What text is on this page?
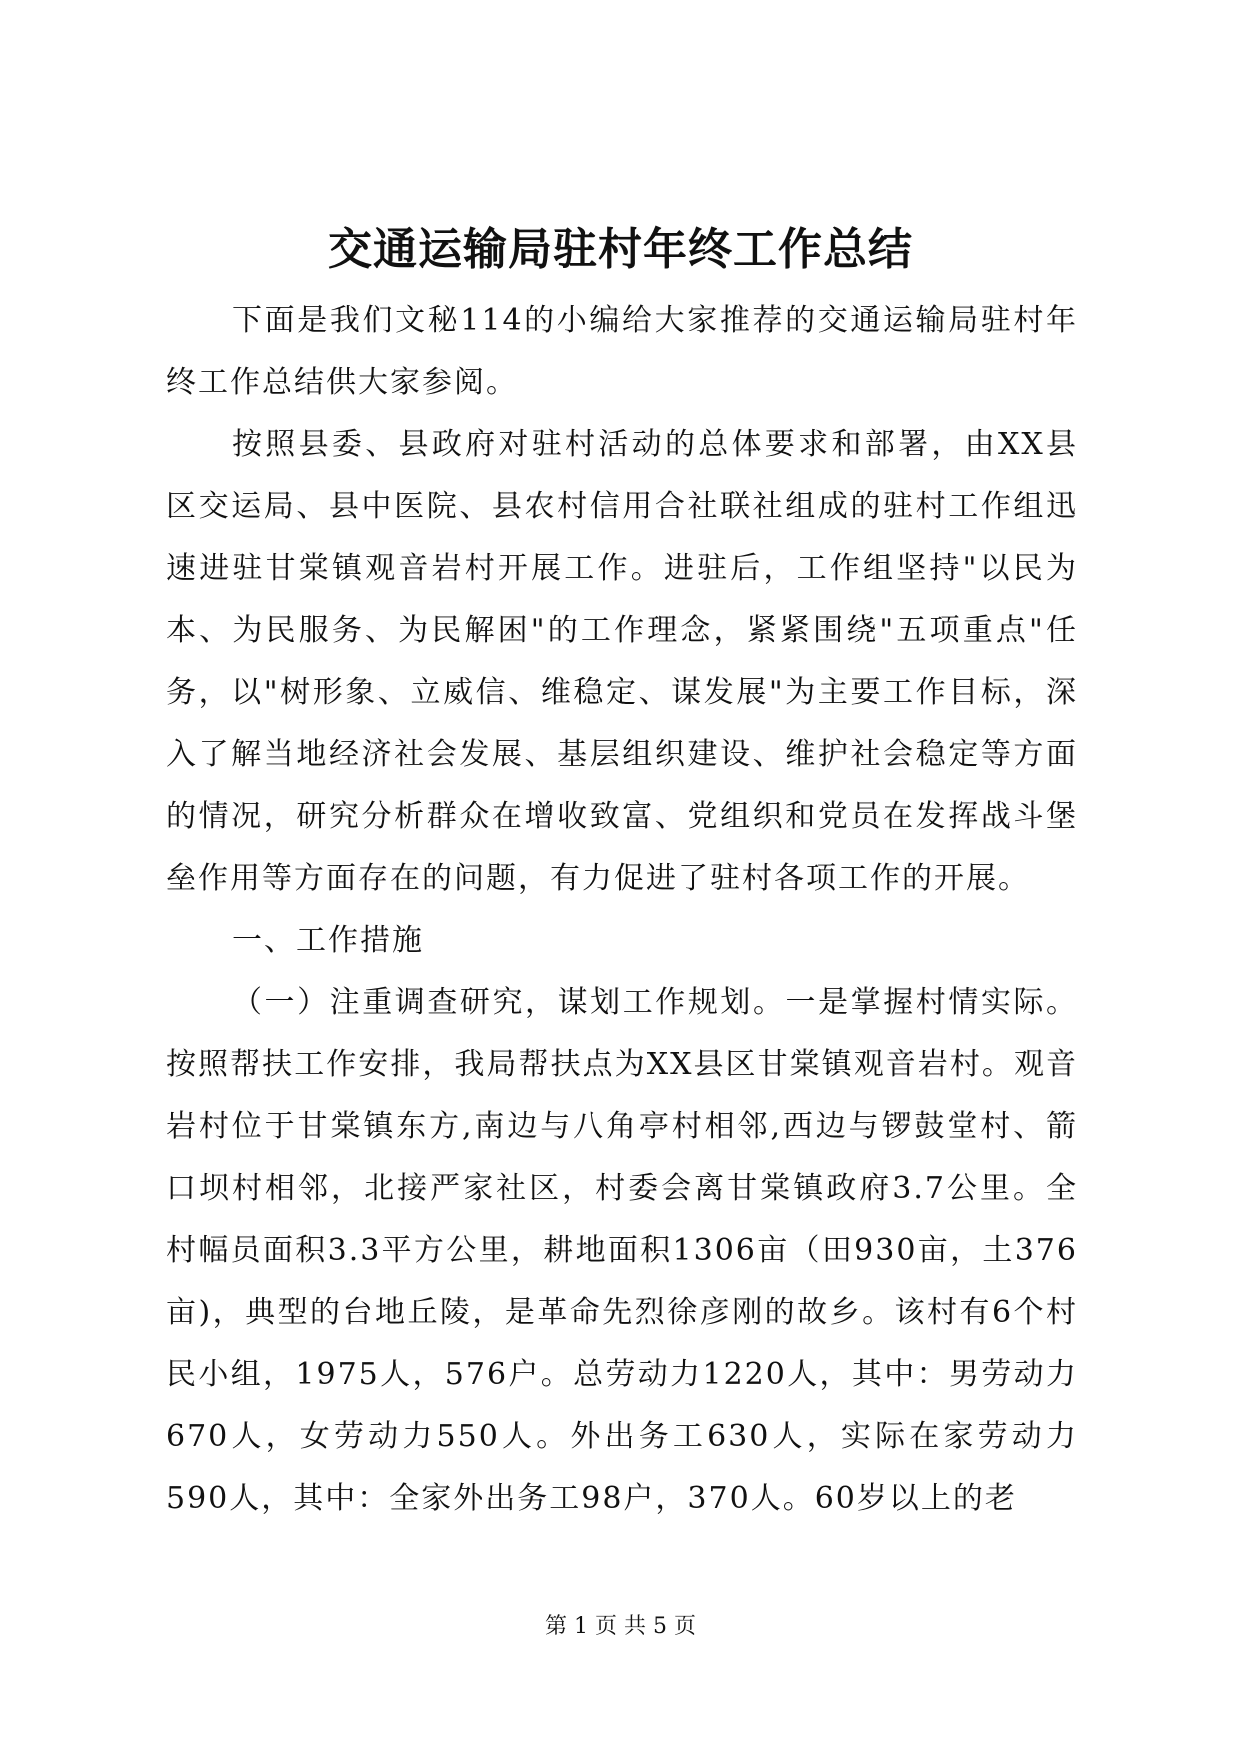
交通运输局驻村年终工作总结

下面是我们文秘114的小编给大家推荐的交通运输局驻村年终工作总结供大家参阅。

按照县委、县政府对驻村活动的总体要求和部署，由XX县区交运局、县中医院、县农村信用合社联社组成的驻村工作组迅速进驻甘棠镇观音岩村开展工作。进驻后，工作组坚持"以民为本、为民服务、为民解困"的工作理念，紧紧围绕"五项重点"任务，以"树形象、立威信、维稳定、谋发展"为主要工作目标，深入了解当地经济社会发展、基层组织建设、维护社会稳定等方面的情况，研究分析群众在增收致富、党组织和党员在发挥战斗堡垒作用等方面存在的问题，有力促进了驻村各项工作的开展。

一、工作措施

（一）注重调查研究，谋划工作规划。一是掌握村情实际。按照帮扶工作安排，我局帮扶点为XX县区甘棠镇观音岩村。观音岩村位于甘棠镇东方,南边与八角亭村相邻,西边与锣鼓堂村、箭口坝村相邻，北接严家社区，村委会离甘棠镇政府3.7公里。全村幅员面积3.3平方公里，耕地面积1306亩（田930亩，土376亩)，典型的台地丘陵，是革命先烈徐彦刚的故乡。该村有6个村民小组，1975人，576户。总劳动力1220人，其中：男劳动力670人，女劳动力550人。外出务工630人，实际在家劳动力590人，其中：全家外出务工98户，370人。60岁以上的老

第 1 页 共 5 页
